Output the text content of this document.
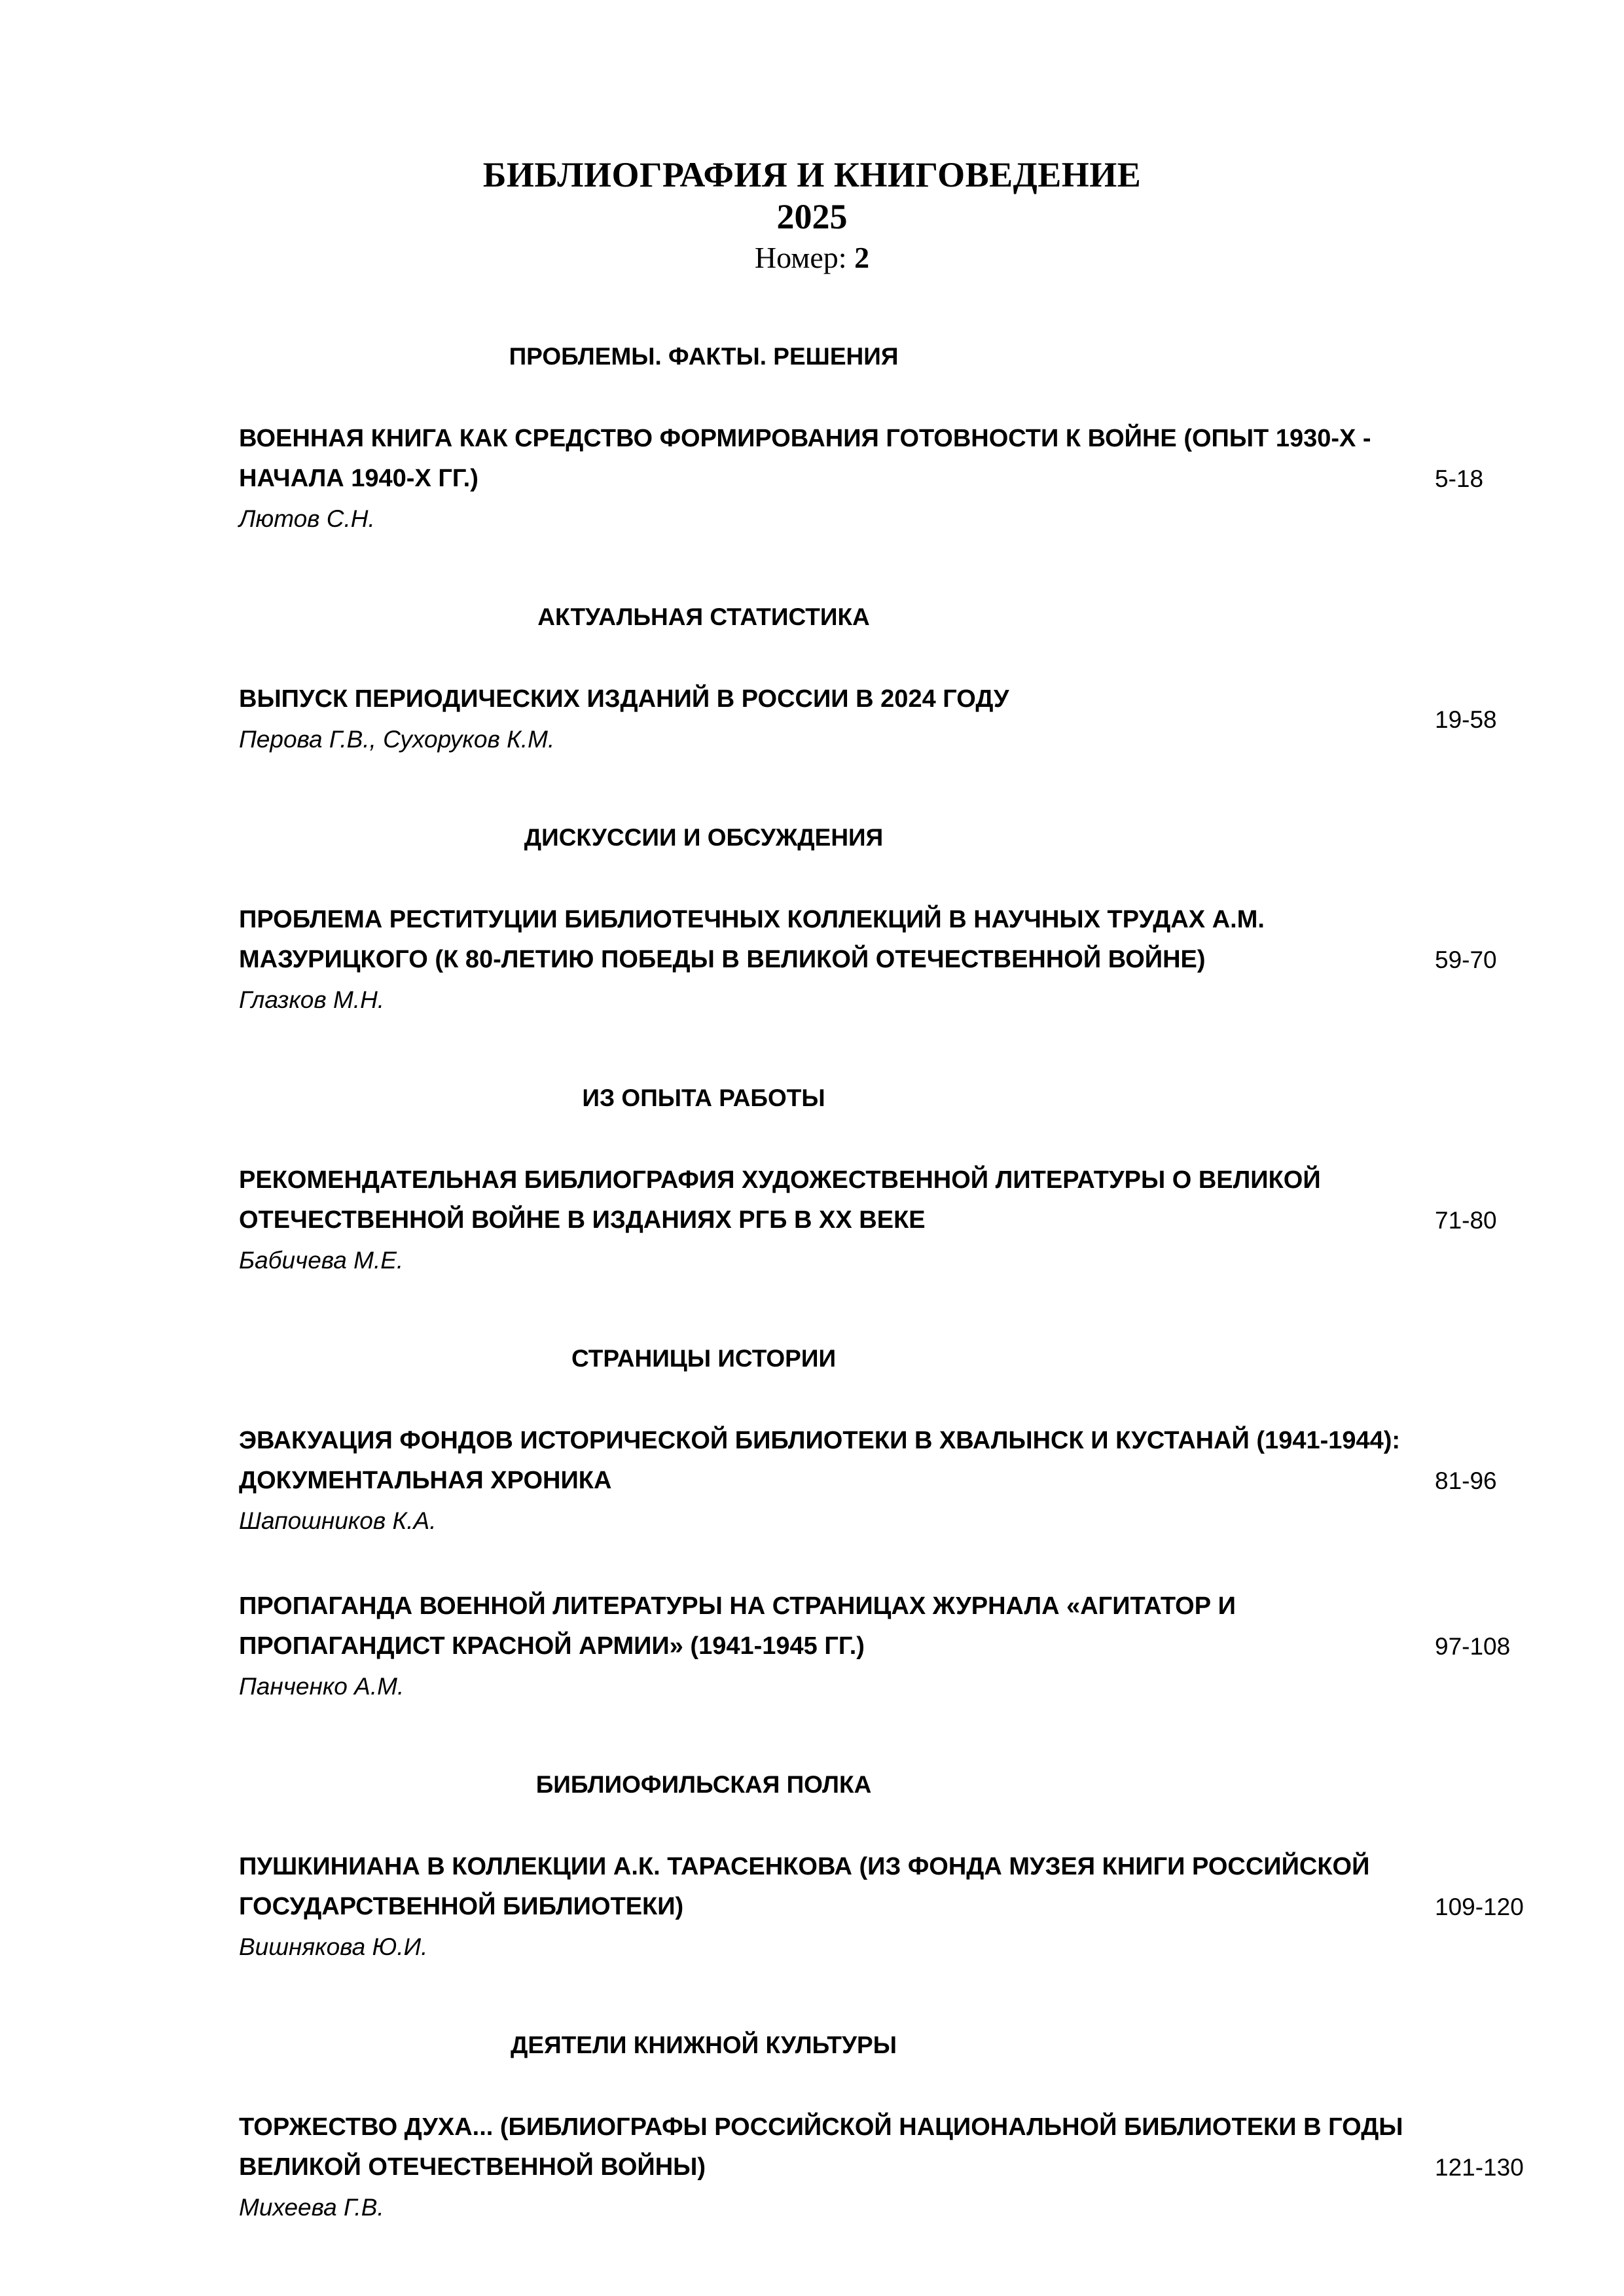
БИБЛИОГРАФИЯ И КНИГОВЕДЕНИЕ
2025
Номер: 2
ПРОБЛЕМЫ. ФАКТЫ. РЕШЕНИЯ
ВОЕННАЯ КНИГА КАК СРЕДСТВО ФОРМИРОВАНИЯ ГОТОВНОСТИ К ВОЙНЕ (ОПЫТ 1930-Х - НАЧАЛА 1940-Х ГГ.)
Лютов С.Н.
5-18
АКТУАЛЬНАЯ СТАТИСТИКА
ВЫПУСК ПЕРИОДИЧЕСКИХ ИЗДАНИЙ В РОССИИ В 2024 ГОДУ
Перова Г.В., Сухоруков К.М.
19-58
ДИСКУССИИ И ОБСУЖДЕНИЯ
ПРОБЛЕМА РЕСТИТУЦИИ БИБЛИОТЕЧНЫХ КОЛЛЕКЦИЙ В НАУЧНЫХ ТРУДАХ А.М. МАЗУРИЦКОГО (К 80-ЛЕТИЮ ПОБЕДЫ В ВЕЛИКОЙ ОТЕЧЕСТВЕННОЙ ВОЙНЕ)
Глазков М.Н.
59-70
ИЗ ОПЫТА РАБОТЫ
РЕКОМЕНДАТЕЛЬНАЯ БИБЛИОГРАФИЯ ХУДОЖЕСТВЕННОЙ ЛИТЕРАТУРЫ О ВЕЛИКОЙ ОТЕЧЕСТВЕННОЙ ВОЙНЕ В ИЗДАНИЯХ РГБ В ХХ ВЕКЕ
Бабичева М.Е.
71-80
СТРАНИЦЫ ИСТОРИИ
ЭВАКУАЦИЯ ФОНДОВ ИСТОРИЧЕСКОЙ БИБЛИОТЕКИ В ХВАЛЫНСК И КУСТАНАЙ (1941-1944): ДОКУМЕНТАЛЬНАЯ ХРОНИКА
Шапошников К.А.
81-96
ПРОПАГАНДА ВОЕННОЙ ЛИТЕРАТУРЫ НА СТРАНИЦАХ ЖУРНАЛА «АГИТАТОР И ПРОПАГАНДИСТ КРАСНОЙ АРМИИ» (1941-1945 ГГ.)
Панченко А.М.
97-108
БИБЛИОФИЛЬСКАЯ ПОЛКА
ПУШКИНИАНА В КОЛЛЕКЦИИ А.К. ТАРАСЕНКОВА (ИЗ ФОНДА МУЗЕЯ КНИГИ РОССИЙСКОЙ ГОСУДАРСТВЕННОЙ БИБЛИОТЕКИ)
Вишнякова Ю.И.
109-120
ДЕЯТЕЛИ КНИЖНОЙ КУЛЬТУРЫ
ТОРЖЕСТВО ДУХА... (БИБЛИОГРАФЫ РОССИЙСКОЙ НАЦИОНАЛЬНОЙ БИБЛИОТЕКИ В ГОДЫ ВЕЛИКОЙ ОТЕЧЕСТВЕННОЙ ВОЙНЫ)
Михеева Г.В.
121-130
